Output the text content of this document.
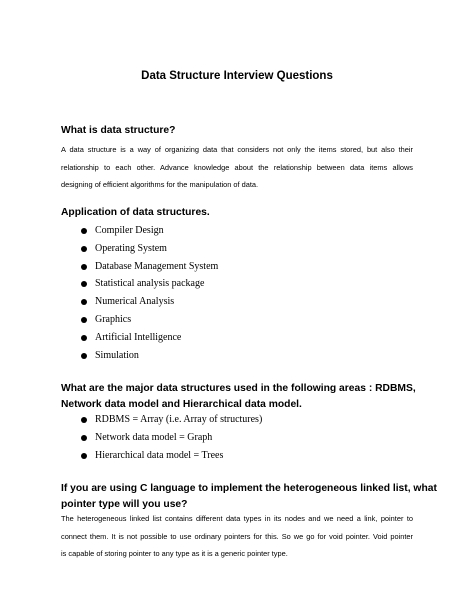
Data Structure Interview Questions
What is data structure?
A data structure is a way of organizing data that considers not only the items stored, but also their
relationship to each other. Advance knowledge about the relationship between data items allows
designing of efficient algorithms for the manipulation of data.
Application of data structures.
Compiler Design
Operating System
Database Management System
Statistical analysis package
Numerical Analysis
Graphics
Artificial Intelligence
Simulation
What are the major data structures used in the following areas : RDBMS,
Network data model and Hierarchical data model.
RDBMS = Array (i.e. Array of structures)
Network data model = Graph
Hierarchical data model = Trees
If you are using C language to implement the heterogeneous linked list, what
pointer type will you use?
The heterogeneous linked list contains different data types in its nodes and we need a link, pointer to
connect them. It is not possible to use ordinary pointers for this. So we go for void pointer. Void pointer
is capable of storing pointer to any type as it is a generic pointer type.
